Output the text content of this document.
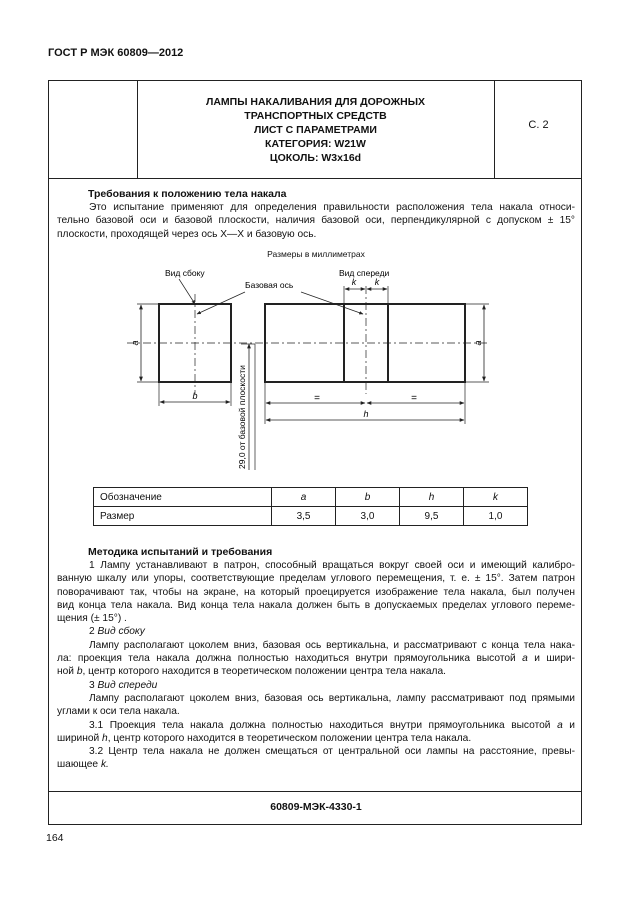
ГОСТ Р МЭК 60809—2012
ЛАМПЫ НАКАЛИВАНИЯ ДЛЯ ДОРОЖНЫХ
ТРАНСПОРТНЫХ СРЕДСТВ
ЛИСТ С ПАРАМЕТРАМИ
КАТЕГОРИЯ: W21W
ЦОКОЛЬ: W3x16d
С. 2
Требования к положению тела накала

Это испытание применяют для определения правильности расположения тела накала относи-

тельно базовой оси и базовой плоскости, наличия базовой оси, перпендикулярной с допуском ± 15°

плоскости, проходящей через ось X—X и базовую ось.

Размеры в миллиметрах
a
b	29,0 от базовой плоскости
k k
a
=	=
h
Вид сбоку	Вид спереди
Базовая ось
Обозначение	a	b	h	k
Размер	3,5	3,0	9,5	1,0
Методика испытаний и требования

1 Лампу устанавливают в патрон, способный вращаться вокруг своей оси и имеющий калибро-

ванную шкалу или упоры, соответствующие пределам углового перемещения, т. е. ± 15°. Затем патрон

поворачивают так, чтобы на экране, на который проецируется изображение тела накала, был получен

вид конца тела накала. Вид конца тела накала должен быть в допускаемых пределах углового переме-

щения (± 15°) .

2 Вид сбоку

Лампу располагают цоколем вниз, базовая ось вертикальна, и рассматривают с конца тела нака-

ла: проекция тела накала должна полностью находиться внутри прямоугольника высотой a и шири-

ной b, центр которого находится в теоретическом положении центра тела накала.

3 Вид спереди

Лампу располагают цоколем вниз, базовая ось вертикальна, лампу рассматривают под прямыми

углами к оси тела накала.

3.1 Проекция тела накала должна полностью находиться внутри прямоугольника высотой a и

шириной h, центр которого находится в теоретическом положении центра тела накала.

3.2 Центр тела накала не должен смещаться от центральной оси лампы на расстояние, превы-

шающее k.

60809-МЭК-4330-1
164
